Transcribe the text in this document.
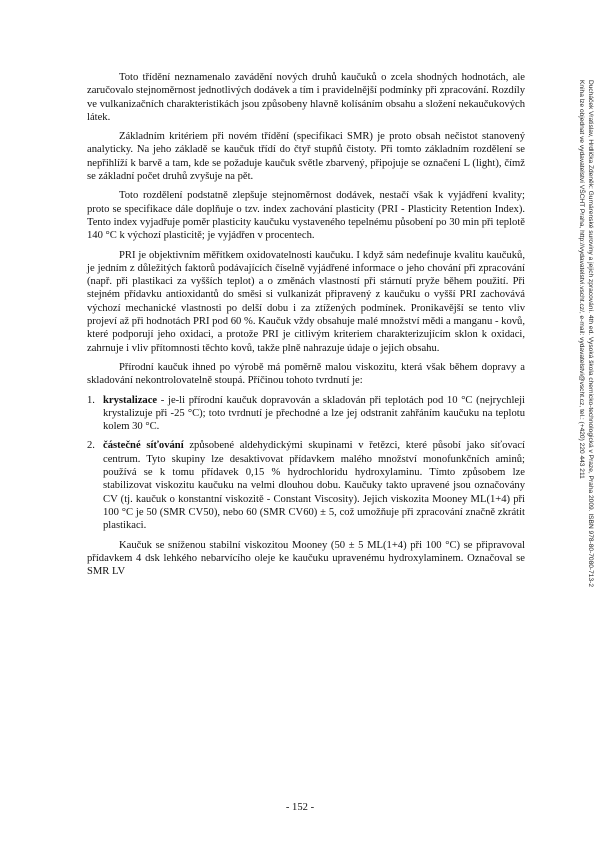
Toto třídění neznamenalo zavádění nových druhů kaučuků o zcela shodných hodnotách, ale zaručovalo stejnoměrnost jednotlivých dodávek a tím i pravidelnější podmínky při zpracování. Rozdíly ve vulkanizačních charakteristikách jsou způsobeny hlavně kolísáním obsahu a složení nekaučukových látek.

Základním kritériem při novém třídění (specifikaci SMR) je proto obsah nečistot stanovený analyticky. Na jeho základě se kaučuk třídí do čtyř stupňů čistoty. Při tomto základním rozdělení se nepřihlíží k barvě a tam, kde se požaduje kaučuk světle zbarvený, připojuje se označení L (light), čímž se základní počet druhů zvyšuje na pět.

Toto rozdělení podstatně zlepšuje stejnoměrnost dodávek, nestačí však k vyjádření kvality; proto se specifikace dále doplňuje o tzv. index zachování plasticity (PRI - Plasticity Retention Index). Tento index vyjadřuje poměr plasticity kaučuku vystaveného tepelnému působení po 30 min při teplotě 140 °C k výchozí plasticitě; je vyjádřen v procentech.

PRI je objektivním měřítkem oxidovatelnosti kaučuku. I když sám nedefinuje kvalitu kaučuků, je jedním z důležitých faktorů podávajících číselně vyjádřené informace o jeho chování při zpracování (např. při plastikaci za vyšších teplot) a o změnách vlastností při stárnutí pryže během použití. Při stejném přídavku antioxidantů do směsi si vulkanizát připravený z kaučuku o vyšší PRI zachovává výchozí mechanické vlastnosti po delší dobu i za ztížených podmínek. Pronikavější se tento vliv projeví až při hodnotách PRI pod 60 %. Kaučuk vždy obsahuje malé množství mědi a manganu - kovů, které podporují jeho oxidaci, a protože PRI je citlivým kriteriem charakterizujícím sklon k oxidaci, zahrnuje i vliv přítomnosti těchto kovů, takže plně nahrazuje údaje o jejich obsahu.

Přírodní kaučuk ihned po výrobě má poměrně malou viskozitu, která však během dopravy a skladování nekontrolovatelně stoupá. Příčinou tohoto tvrdnutí je:

1. krystalizace - je-li přírodní kaučuk dopravován a skladován při teplotách pod 10 °C (nejrychleji krystalizuje při -25 °C); toto tvrdnutí je přechodné a lze jej odstranit zahřáním kaučuku na teplotu kolem 30 °C.
2. částečné síťování způsobené aldehydickými skupinami v řetězci, které působí jako síťovací centrum. Tyto skupiny lze desaktivovat přídavkem malého množství monofunkčních aminů; používá se k tomu přídavek 0,15 % hydrochloridu hydroxylaminu. Tímto způsobem lze stabilizovat viskozitu kaučuku na velmi dlouhou dobu. Kaučuky takto upravené jsou označovány CV (tj. kaučuk o konstantní viskozitě - Constant Viscosity). Jejich viskozita Mooney ML(1+4) při 100 °C je 50 (SMR CV50), nebo 60 (SMR CV60) ± 5, což umožňuje při zpracování značně zkrátit plastikaci.

Kaučuk se sníženou stabilní viskozitou Mooney (50 ± 5 ML(1+4) při 100 °C) se připravoval přídavkem 4 dsk lehkého nebarvícího oleje ke kaučuku upravenému hydroxylaminem. Označoval se SMR LV

- 152 -
Ducháček Vratislav, Hrdlička Zdeněk: Gumárenské suroviny a jejich zpracování. 4th ed. Vysoká škola chemicko-technologická v Praze, Praha 2009. ISBN 978-80-7080-713-2
Kniha lze objednat ve vydavatelství VŠCHT Praha, http://vydavatelstvi.vscht.cz/, e-mail: vydavatelstvi@vscht.cz, tel.: (+420) 220 443 211
